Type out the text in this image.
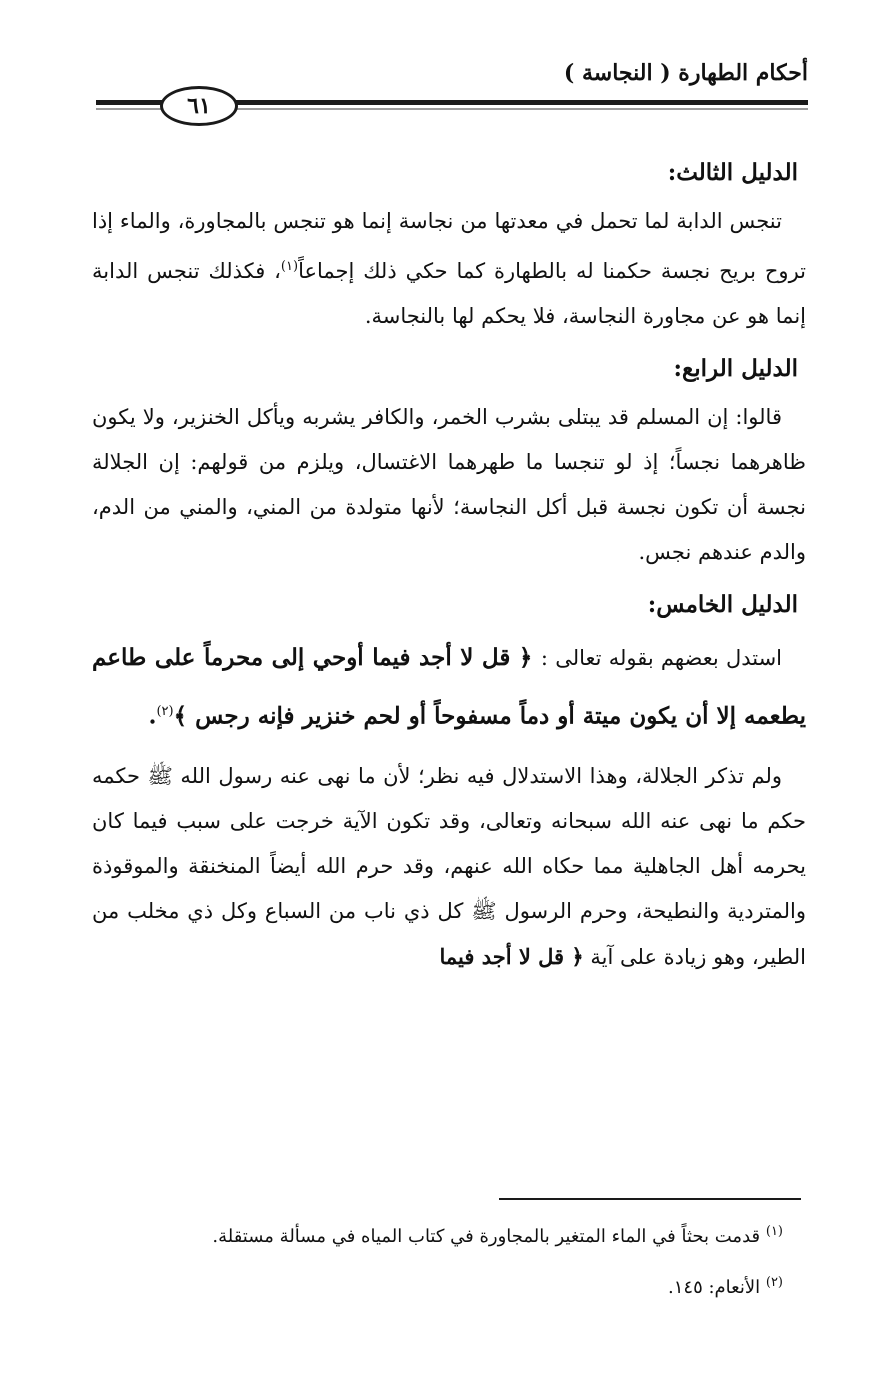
أحكام الطهارة ( النجاسة )
٦١
الدليل الثالث:

تنجس الدابة لما تحمل في معدتها من نجاسة إنما هو تنجس بالمجاورة، والماء إذا تروح بريح نجسة حكمنا له بالطهارة كما حكي ذلك إجماعاً$^{(١)}$، فكذلك تنجس الدابة إنما هو عن مجاورة النجاسة، فلا يحكم لها بالنجاسة.

الدليل الرابع:

قالوا: إن المسلم قد يبتلى بشرب الخمر، والكافر يشربه ويأكل الخنزير، ولا يكون ظاهرهما نجساً؛ إذ لو تنجسا ما طهرهما الاغتسال، ويلزم من قولهم: إن الجلالة نجسة أن تكون نجسة قبل أكل النجاسة؛ لأنها متولدة من المني، والمني من الدم، والدم عندهم نجس.

الدليل الخامس:

استدل بعضهم بقوله تعالى : ﴿ قل لا أجد فيما أوحي إلى محرماً على طاعم يطعمه إلا أن يكون ميتة أو دماً مسفوحاً أو لحم خنزير فإنه رجس ﴾$^{(٢)}$.

ولم تذكر الجلالة، وهذا الاستدلال فيه نظر؛ لأن ما نهى عنه رسول الله ﷺ حكمه حكم ما نهى عنه الله سبحانه وتعالى، وقد تكون الآية خرجت على سبب فيما كان يحرمه أهل الجاهلية مما حكاه الله عنهم، وقد حرم الله أيضاً المنخنقة والموقوذة والمتردية والنطيحة، وحرم الرسول ﷺ كل ذي ناب من السباع وكل ذي مخلب من الطير، وهو زيادة على آية ﴿ قل لا أجد فيما

$^{(١)}$ قدمت بحثاً في الماء المتغير بالمجاورة في كتاب المياه في مسألة مستقلة.
$^{(٢)}$ الأنعام: ١٤٥.
